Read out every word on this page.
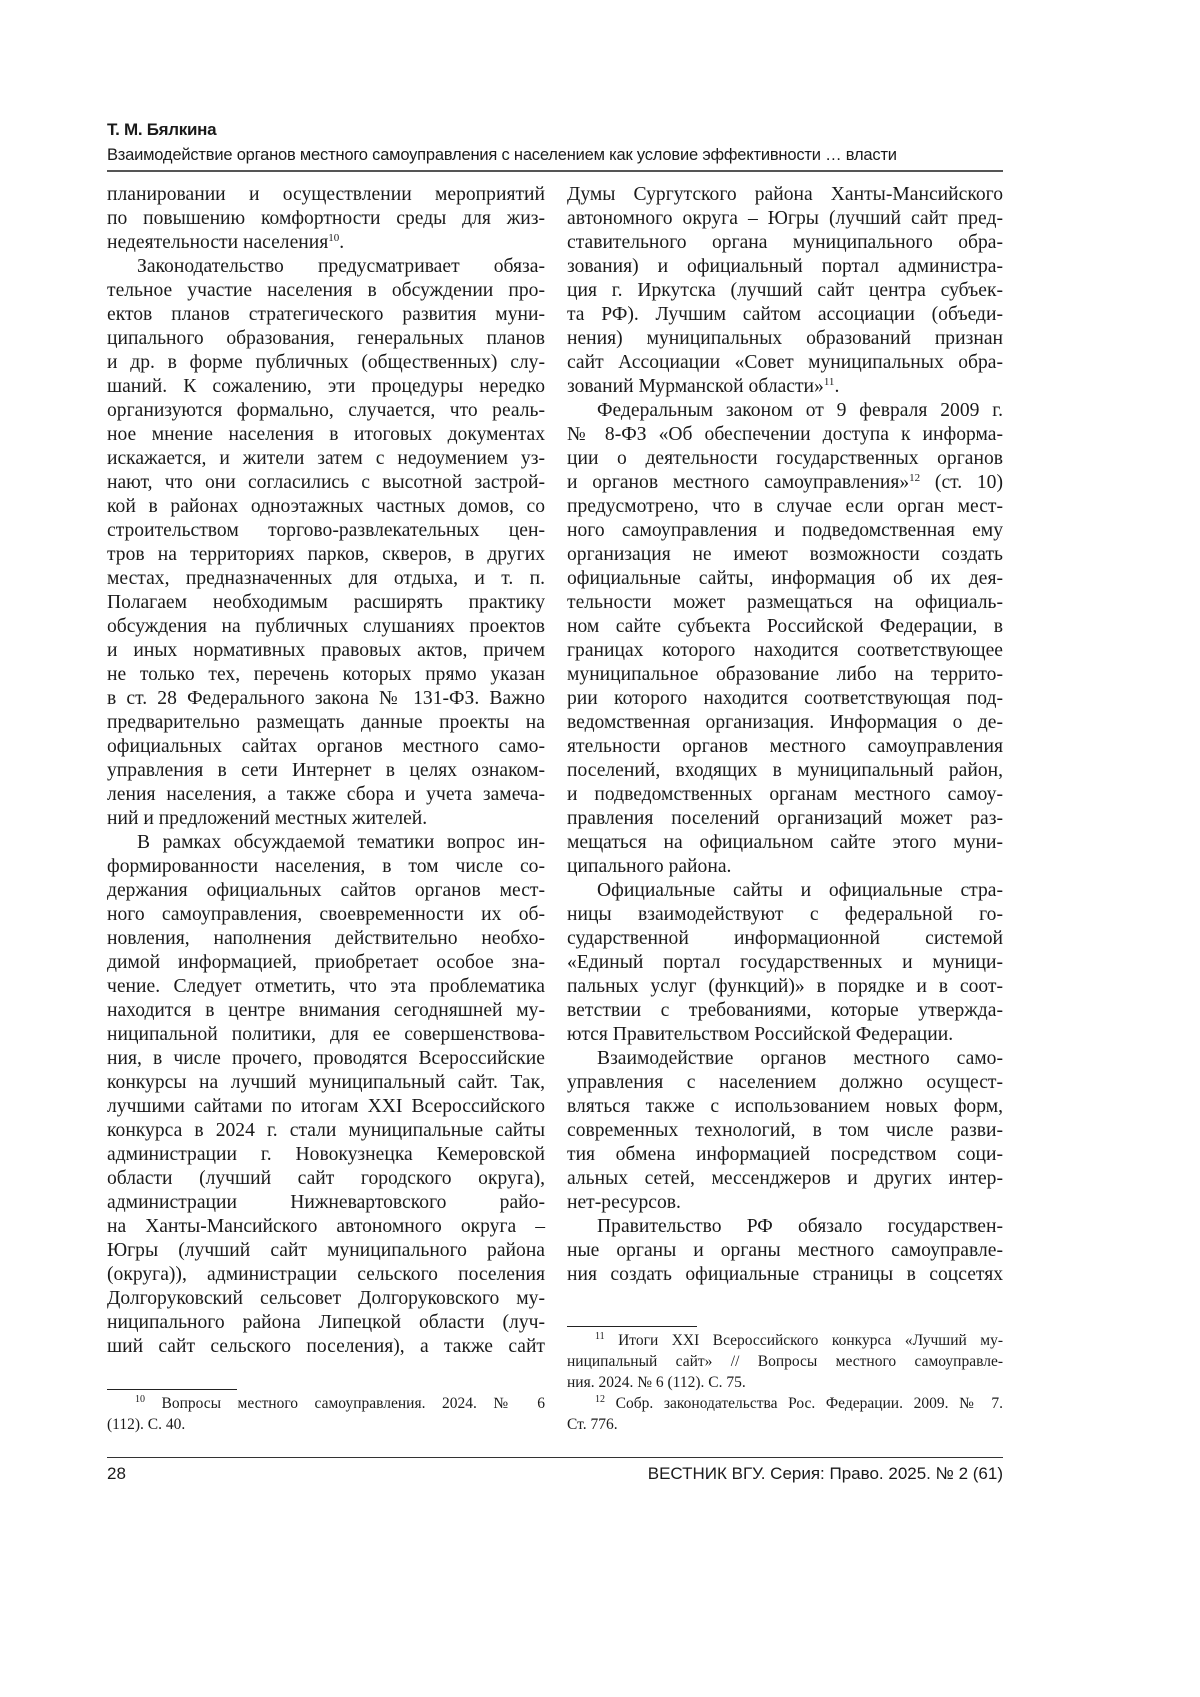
Т. М. Бялкина
Взаимодействие органов местного самоуправления с населением как условие эффективности … власти
планировании и осуществлении мероприятий
по повышению комфортности среды для жиз-
недеятельности населения10.
Законодательство предусматривает обяза-
тельное участие населения в обсуждении про-
ектов планов стратегического развития муни-
ципального образования, генеральных планов
и др. в форме публичных (общественных) слу-
шаний. К сожалению, эти процедуры нередко
организуются формально, случается, что реаль-
ное мнение населения в итоговых документах
искажается, и жители затем с недоумением уз-
нают, что они согласились с высотной застрой-
кой в районах одноэтажных частных домов, со
строительством торгово-развлекательных цен-
тров на территориях парков, скверов, в других
местах, предназначенных для отдыха, и т. п.
Полагаем необходимым расширять практику
обсуждения на публичных слушаниях проектов
и иных нормативных правовых актов, причем
не только тех, перечень которых прямо указан
в ст. 28 Федерального закона № 131-ФЗ. Важно
предварительно размещать данные проекты на
официальных сайтах органов местного само-
управления в сети Интернет в целях ознаком-
ления населения, а также сбора и учета замеча-
ний и предложений местных жителей.
В рамках обсуждаемой тематики вопрос ин-
формированности населения, в том числе со-
держания официальных сайтов органов мест-
ного самоуправления, своевременности их об-
новления, наполнения действительно необхо-
димой информацией, приобретает особое зна-
чение. Следует отметить, что эта проблематика
находится в центре внимания сегодняшней му-
ниципальной политики, для ее совершенствова-
ния, в числе прочего, проводятся Всероссийские
конкурсы на лучший муниципальный сайт. Так,
лучшими сайтами по итогам XXI Всероссийского
конкурса в 2024 г. стали муниципальные сайты
администрации г. Новокузнецка Кемеровской
области (лучший сайт городского округа),
администрации Нижневартовского райо-
на Ханты-Мансийского автономного округа –
Югры (лучший сайт муниципального района
(округа)), администрации сельского поселения
Долгоруковский сельсовет Долгоруковского му-
ниципального района Липецкой области (луч-
ший сайт сельского поселения), а также сайт
Думы Сургутского района Ханты-Мансийского
автономного округа – Югры (лучший сайт пред-
ставительного органа муниципального обра-
зования) и официальный портал администра-
ция г. Иркутска (лучший сайт центра субъек-
та РФ). Лучшим сайтом ассоциации (объеди-
нения) муниципальных образований признан
сайт Ассоциации «Совет муниципальных обра-
зований Мурманской области»11.
Федеральным законом от 9 февраля 2009 г.
№ 8-ФЗ «Об обеспечении доступа к информа-
ции о деятельности государственных органов
и органов местного самоуправления»12 (ст. 10)
предусмотрено, что в случае если орган мест-
ного самоуправления и подведомственная ему
организация не имеют возможности создать
официальные сайты, информация об их дея-
тельности может размещаться на официаль-
ном сайте субъекта Российской Федерации, в
границах которого находится соответствующее
муниципальное образование либо на террито-
рии которого находится соответствующая под-
ведомственная организация. Информация о де-
ятельности органов местного самоуправления
поселений, входящих в муниципальный район,
и подведомственных органам местного самоу-
правления поселений организаций может раз-
мещаться на официальном сайте этого муни-
ципального района.
Официальные сайты и официальные стра-
ницы взаимодействуют с федеральной го-
сударственной информационной системой
«Единый портал государственных и муници-
пальных услуг (функций)» в порядке и в соот-
ветствии с требованиями, которые утвержда-
ются Правительством Российской Федерации.
Взаимодействие органов местного само-
управления с населением должно осущест-
вляться также с использованием новых форм,
современных технологий, в том числе разви-
тия обмена информацией посредством соци-
альных сетей, мессенджеров и других интер-
нет-ресурсов.
Правительство РФ обязало государствен-
ные органы и органы местного самоуправле-
ния создать официальные страницы в соцсетях
10 Вопросы местного самоуправления. 2024. № 6
(112). С. 40.
11 Итоги XXI Всероссийского конкурса «Лучший му-
ниципальный сайт» // Вопросы местного самоуправле-
ния. 2024. № 6 (112). С. 75.
12 Собр. законодательства Рос. Федерации. 2009. № 7.
Ст. 776.
28	ВЕСТНИК ВГУ. Серия: Право. 2025. № 2 (61)
